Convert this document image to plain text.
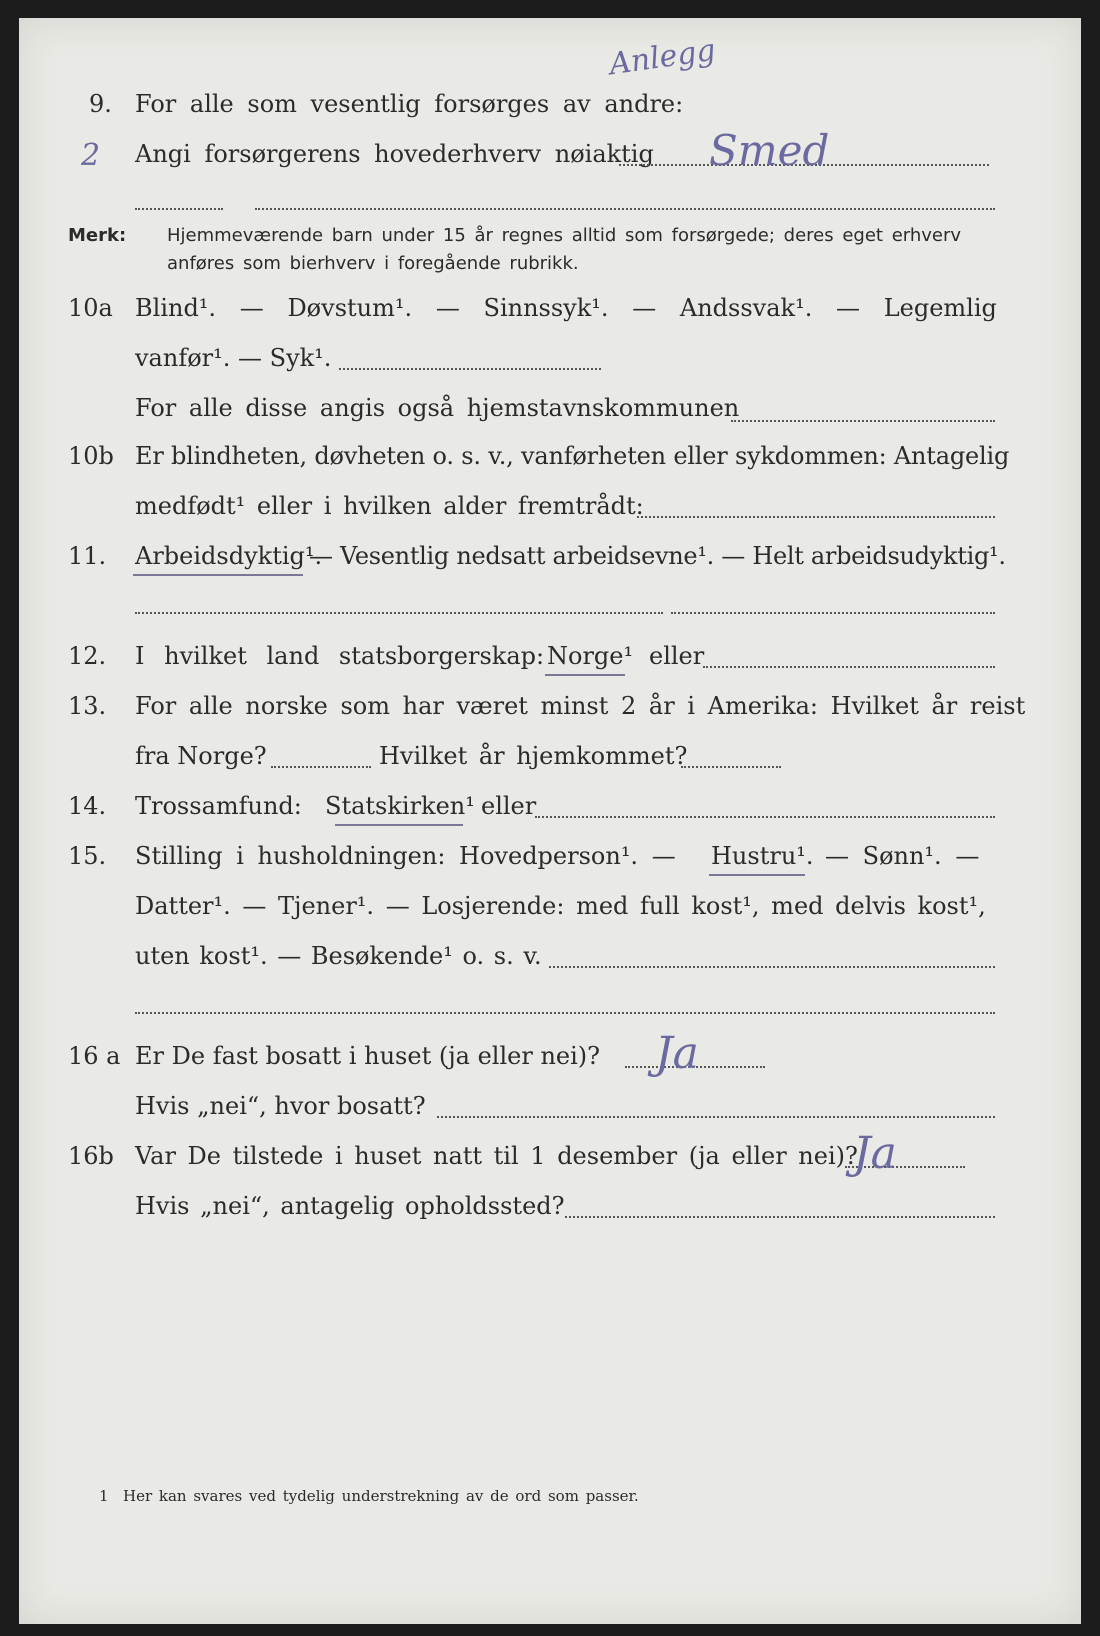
9. For alle som vesentlig forsørges av andre:
2
Anlegg
Angi forsørgerens hovederhverv nøiaktig Smed
Merk: Hjemmeværende barn under 15 år regnes alltid som forsørgede; deres eget erhverv
anføres som bierhverv i foregående rubrikk.
10a Blind¹. — Døvstum¹. — Sinnssyk¹. — Andssvak¹. — Legemlig
vanfør¹. — Syk¹.
For alle disse angis også hjemstavnskommunen
10b Er blindheten, døvheten o. s. v., vanførheten eller sykdommen: Antagelig
medfødt¹ eller i hvilken alder fremtrådt:
11. Arbeidsdyktig¹.
— Vesentlig nedsatt arbeidsevne¹. — Helt arbeidsudyktig¹.
12. I hvilket land statsborgerskap: Norge¹ eller
13. For alle norske som har været minst 2 år i Amerika: Hvilket år reist
fra Norge?	Hvilket år hjemkommet?
14. Trossamfund: Statskirken¹ eller
15. Stilling i husholdningen: Hovedperson¹. — Hustru¹. — Sønn¹. —
Datter¹. — Tjener¹. — Losjerende: med full kost¹, med delvis kost¹,
uten kost¹. — Besøkende¹ o. s. v.
16 a Er De fast bosatt i huset (ja eller nei)? Ja
Hvis „nei“, hvor bosatt?
16b Var De tilstede i huset natt til 1 desember (ja eller nei)?
Ja
Hvis „nei“, antagelig opholdssted?
1 Her kan svares ved tydelig understrekning av de ord som passer.
